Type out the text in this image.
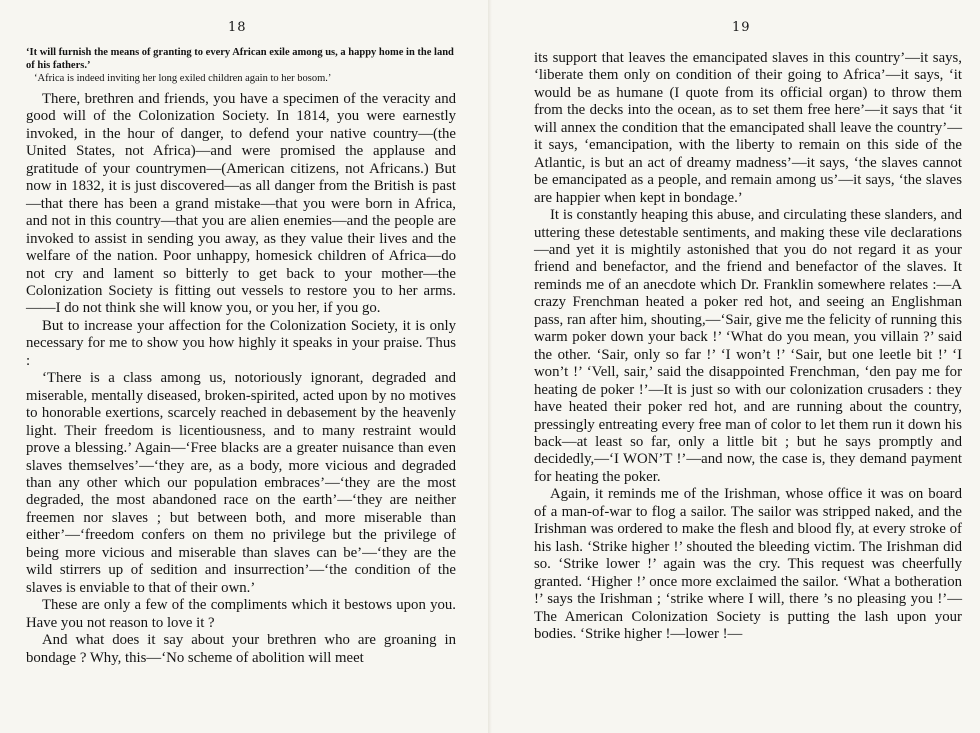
18

‘It will furnish the means of granting to every African exile among us, a happy home in the land of his fathers.’

‘Africa is indeed inviting her long exiled children again to her bosom.’

There, brethren and friends, you have a specimen of the veracity and good will of the Colonization Society. In 1814, you were earnestly invoked, in the hour of danger, to defend your native country—(the United States, not Africa)—and were promised the applause and gratitude of your countrymen—(American citizens, not Africans.) But now in 1832, it is just discovered—as all danger from the British is past—that there has been a grand mistake—that you were born in Africa, and not in this country—that you are alien enemies—and the people are invoked to assist in sending you away, as they value their lives and the welfare of the nation. Poor unhappy, homesick children of Africa—do not cry and lament so bitterly to get back to your mother—the Colonization Society is fitting out vessels to restore you to her arms.——I do not think she will know you, or you her, if you go.

But to increase your affection for the Colonization Society, it is only necessary for me to show you how highly it speaks in your praise. Thus :

‘There is a class among us, notoriously ignorant, degraded and miserable, mentally diseased, broken-spirited, acted upon by no motives to honorable exertions, scarcely reached in debasement by the heavenly light. Their freedom is licentiousness, and to many restraint would prove a blessing.’ Again—‘Free blacks are a greater nuisance than even slaves themselves’—‘they are, as a body, more vicious and degraded than any other which our population embraces’—‘they are the most degraded, the most abandoned race on the earth’—‘they are neither freemen nor slaves ; but between both, and more miserable than either’—‘freedom confers on them no privilege but the privilege of being more vicious and miserable than slaves can be’—‘they are the wild stirrers up of sedition and insurrection’—‘the condition of the slaves is enviable to that of their own.’

These are only a few of the compliments which it bestows upon you. Have you not reason to love it ?

And what does it say about your brethren who are groaning in bondage ? Why, this—‘No scheme of abolition will meet

19

its support that leaves the emancipated slaves in this country’—it says, ‘liberate them only on condition of their going to Africa’—it says, ‘it would be as humane (I quote from its official organ) to throw them from the decks into the ocean, as to set them free here’—it says that ‘it will annex the condition that the emancipated shall leave the country’—it says, ‘emancipation, with the liberty to remain on this side of the Atlantic, is but an act of dreamy madness’—it says, ‘the slaves cannot be emancipated as a people, and remain among us’—it says, ‘the slaves are happier when kept in bondage.’

It is constantly heaping this abuse, and circulating these slanders, and uttering these detestable sentiments, and making these vile declarations—and yet it is mightily astonished that you do not regard it as your friend and benefactor, and the friend and benefactor of the slaves. It reminds me of an anecdote which Dr. Franklin somewhere relates :—A crazy Frenchman heated a poker red hot, and seeing an Englishman pass, ran after him, shouting,—‘Sair, give me the felicity of running this warm poker down your back !’ ‘What do you mean, you villain ?’ said the other. ‘Sair, only so far !’ ‘I won’t !’ ‘Sair, but one leetle bit !’ ‘I won’t !’ ‘Vell, sair,’ said the disappointed Frenchman, ‘den pay me for heating de poker !’—It is just so with our colonization crusaders : they have heated their poker red hot, and are running about the country, pressingly entreating every free man of color to let them run it down his back—at least so far, only a little bit ; but he says promptly and decidedly,—‘I WON’T !’—and now, the case is, they demand payment for heating the poker.

Again, it reminds me of the Irishman, whose office it was on board of a man-of-war to flog a sailor. The sailor was stripped naked, and the Irishman was ordered to make the flesh and blood fly, at every stroke of his lash. ‘Strike higher !’ shouted the bleeding victim. The Irishman did so. ‘Strike lower !’ again was the cry. This request was cheerfully granted. ‘Higher !’ once more exclaimed the sailor. ‘What a botheration !’ says the Irishman ; ‘strike where I will, there ’s no pleasing you !’—The American Colonization Society is putting the lash upon your bodies. ‘Strike higher !—lower !—
